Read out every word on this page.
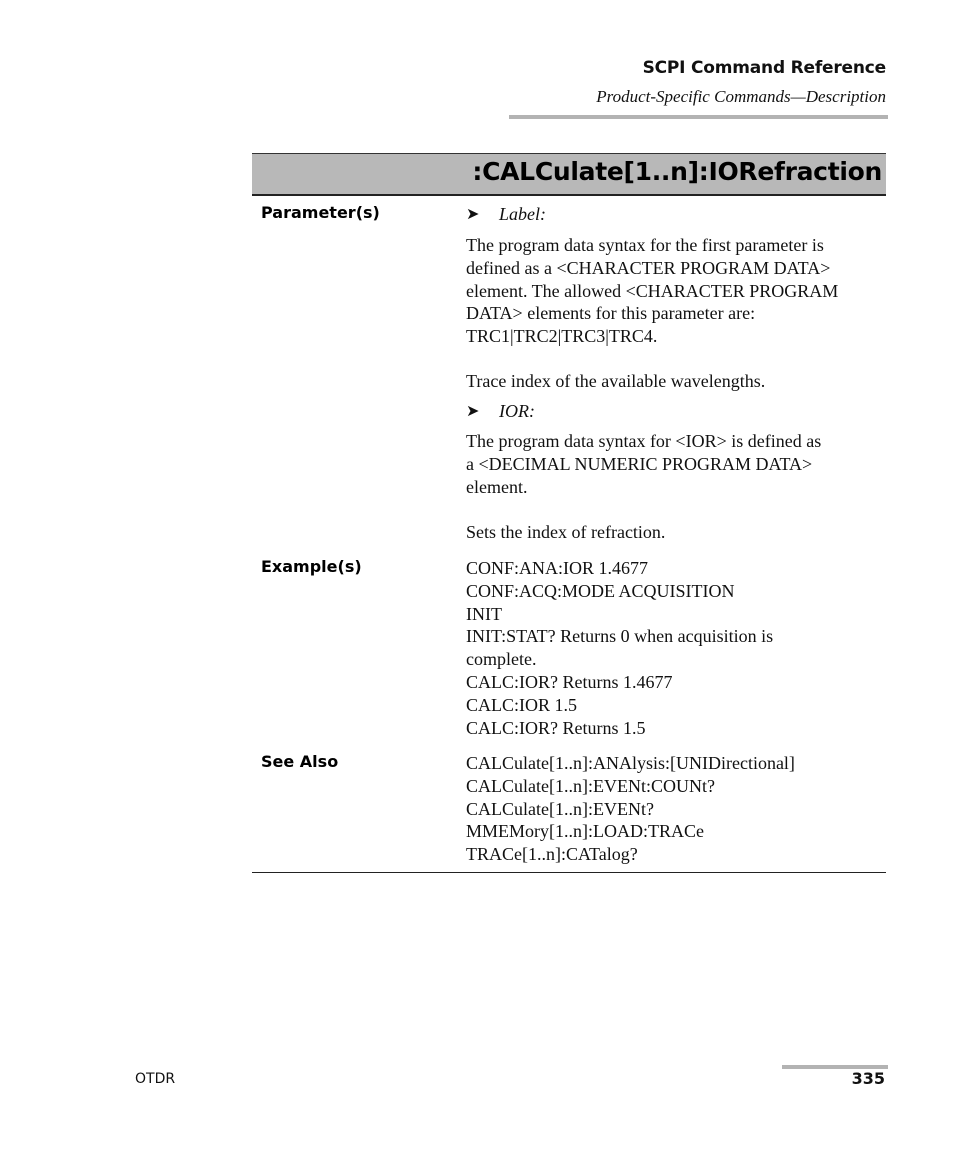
SCPI Command Reference
Product-Specific Commands—Description
:CALCulate[1..n]:IORefraction
Parameter(s)	➤ Label:
The program data syntax for the first parameter is
defined as a <CHARACTER PROGRAM DATA>
element. The allowed <CHARACTER PROGRAM
DATA> elements for this parameter are:
TRC1|TRC2|TRC3|TRC4.
Trace index of the available wavelengths.
➤ IOR:
The program data syntax for <IOR> is defined as
a <DECIMAL NUMERIC PROGRAM DATA>
element.
Sets the index of refraction.
Example(s)	CONF:ANA:IOR 1.4677
CONF:ACQ:MODE ACQUISITION
INIT
INIT:STAT? Returns 0 when acquisition is
complete.
CALC:IOR? Returns 1.4677
CALC:IOR 1.5
CALC:IOR? Returns 1.5
See Also	CALCulate[1..n]:ANAlysis:[UNIDirectional]
CALCulate[1..n]:EVENt:COUNt?
CALCulate[1..n]:EVENt?
MMEMory[1..n]:LOAD:TRACe
TRACe[1..n]:CATalog?
OTDR	335
